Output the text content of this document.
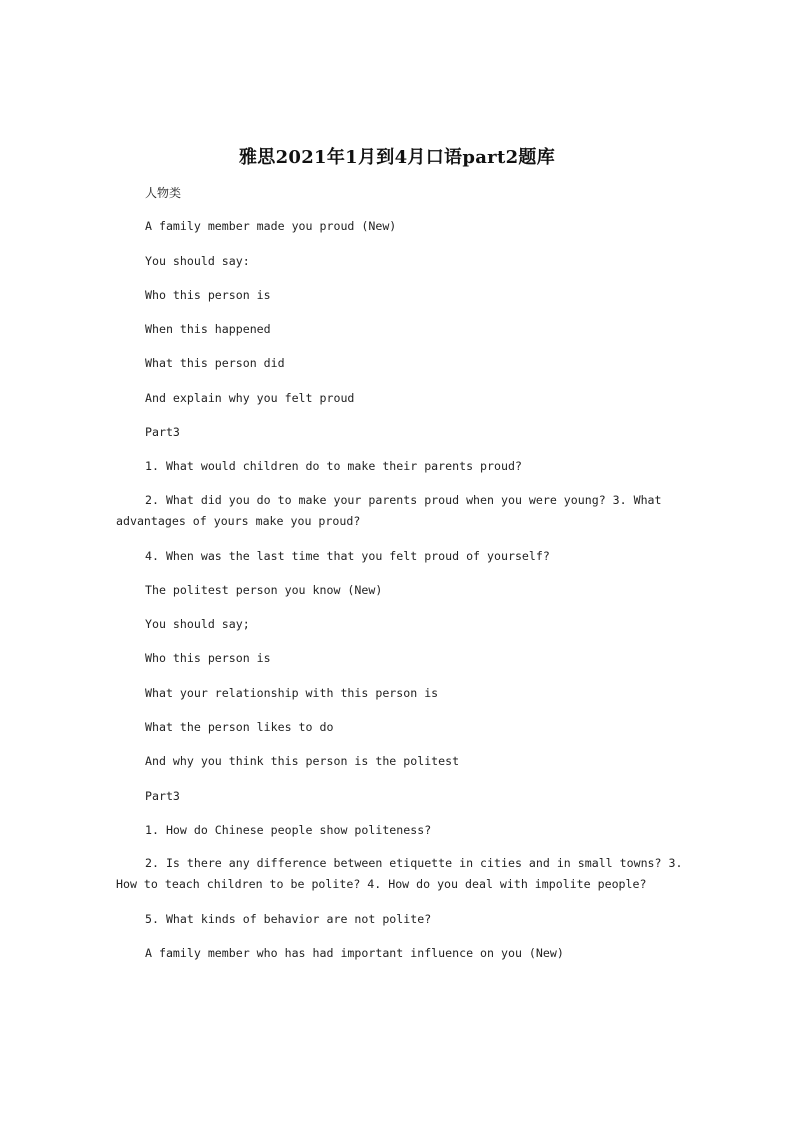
雅思2021年1月到4月口语part2题库
人物类
A family member made you proud (New)
You should say:
Who this person is
When this happened
What this person did
And explain why you felt proud
Part3
1. What would children do to make their parents proud?
2. What did you do to make your parents proud when you were young? 3. What advantages of yours make you proud?
4. When was the last time that you felt proud of yourself?
The politest person you know (New)
You should say;
Who this person is
What your relationship with this person is
What the person likes to do
And why you think this person is the politest
Part3
1. How do Chinese people show politeness?
2. Is there any difference between etiquette in cities and in small towns? 3. How to teach children to be polite? 4. How do you deal with impolite people?
5. What kinds of behavior are not polite?
A family member who has had important influence on you (New)
